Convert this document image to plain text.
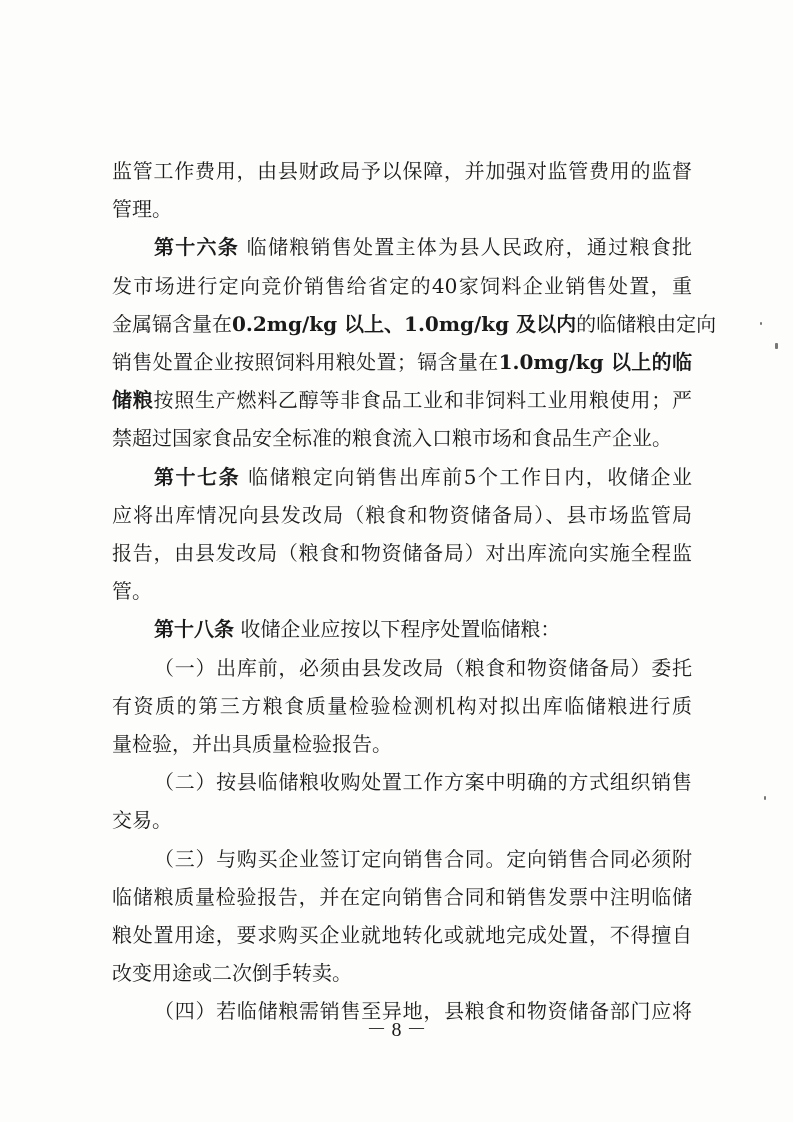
监管工作费用，由县财政局予以保障，并加强对监管费用的监督
管理。
第十六条 临储粮销售处置主体为县人民政府，通过粮食批
发市场进行定向竞价销售给省定的40家饲料企业销售处置，重
金属镉含量在0.2mg/kg 以上、1.0mg/kg 及以内的临储粮由定向
销售处置企业按照饲料用粮处置；镉含量在1.0mg/kg 以上的临
储粮按照生产燃料乙醇等非食品工业和非饲料工业用粮使用；严
禁超过国家食品安全标准的粮食流入口粮市场和食品生产企业。
第十七条 临储粮定向销售出库前5个工作日内，收储企业
应将出库情况向县发改局（粮食和物资储备局）、县市场监管局
报告，由县发改局（粮食和物资储备局）对出库流向实施全程监
管。
第十八条 收储企业应按以下程序处置临储粮：
（一）出库前，必须由县发改局（粮食和物资储备局）委托
有资质的第三方粮食质量检验检测机构对拟出库临储粮进行质
量检验，并出具质量检验报告。
（二）按县临储粮收购处置工作方案中明确的方式组织销售
交易。
（三）与购买企业签订定向销售合同。定向销售合同必须附
临储粮质量检验报告，并在定向销售合同和销售发票中注明临储
粮处置用途，要求购买企业就地转化或就地完成处置，不得擅自
改变用途或二次倒手转卖。
（四）若临储粮需销售至异地，县粮食和物资储备部门应将
－ 8 －
